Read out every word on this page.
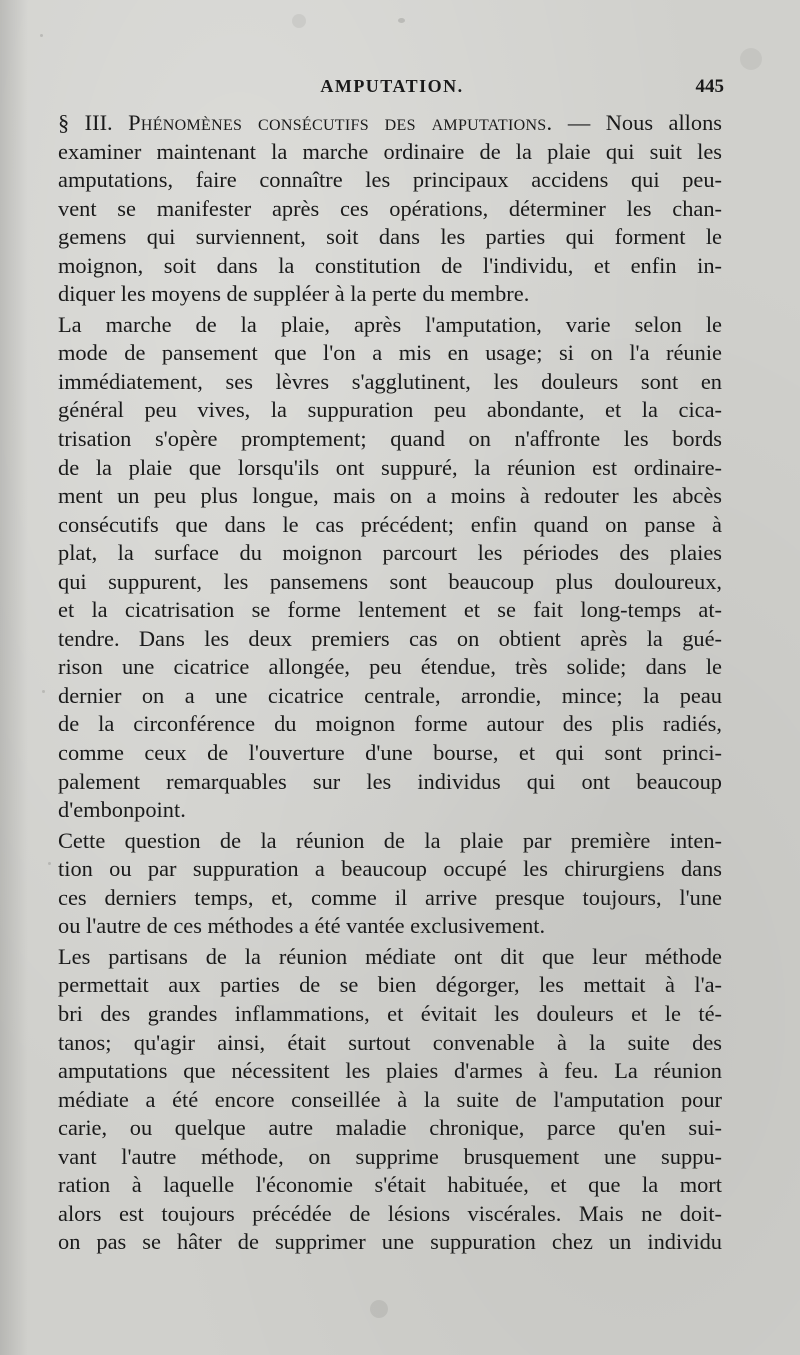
AMPUTATION.	445
§ III. Phénomènes consécutifs des amputations. — Nous allons
examiner maintenant la marche ordinaire de la plaie qui suit les
amputations, faire connaître les principaux accidens qui peu-
vent se manifester après ces opérations, déterminer les chan-
gemens qui surviennent, soit dans les parties qui forment le
moignon, soit dans la constitution de l'individu, et enfin in-
diquer les moyens de suppléer à la perte du membre.
La marche de la plaie, après l'amputation, varie selon le
mode de pansement que l'on a mis en usage; si on l'a réunie
immédiatement, ses lèvres s'agglutinent, les douleurs sont en
général peu vives, la suppuration peu abondante, et la cica-
trisation s'opère promptement; quand on n'affronte les bords
de la plaie que lorsqu'ils ont suppuré, la réunion est ordinaire-
ment un peu plus longue, mais on a moins à redouter les abcès
consécutifs que dans le cas précédent; enfin quand on panse à
plat, la surface du moignon parcourt les périodes des plaies
qui suppurent, les pansemens sont beaucoup plus douloureux,
et la cicatrisation se forme lentement et se fait long-temps at-
tendre. Dans les deux premiers cas on obtient après la gué-
rison une cicatrice allongée, peu étendue, très solide; dans le
dernier on a une cicatrice centrale, arrondie, mince; la peau
de la circonférence du moignon forme autour des plis radiés,
comme ceux de l'ouverture d'une bourse, et qui sont princi-
palement remarquables sur les individus qui ont beaucoup
d'embonpoint.
Cette question de la réunion de la plaie par première inten-
tion ou par suppuration a beaucoup occupé les chirurgiens dans
ces derniers temps, et, comme il arrive presque toujours, l'une
ou l'autre de ces méthodes a été vantée exclusivement.
Les partisans de la réunion médiate ont dit que leur méthode
permettait aux parties de se bien dégorger, les mettait à l'a-
bri des grandes inflammations, et évitait les douleurs et le té-
tanos; qu'agir ainsi, était surtout convenable à la suite des
amputations que nécessitent les plaies d'armes à feu. La réunion
médiate a été encore conseillée à la suite de l'amputation pour
carie, ou quelque autre maladie chronique, parce qu'en sui-
vant l'autre méthode, on supprime brusquement une suppu-
ration à laquelle l'économie s'était habituée, et que la mort
alors est toujours précédée de lésions viscérales. Mais ne doit-
on pas se hâter de supprimer une suppuration chez un individu
